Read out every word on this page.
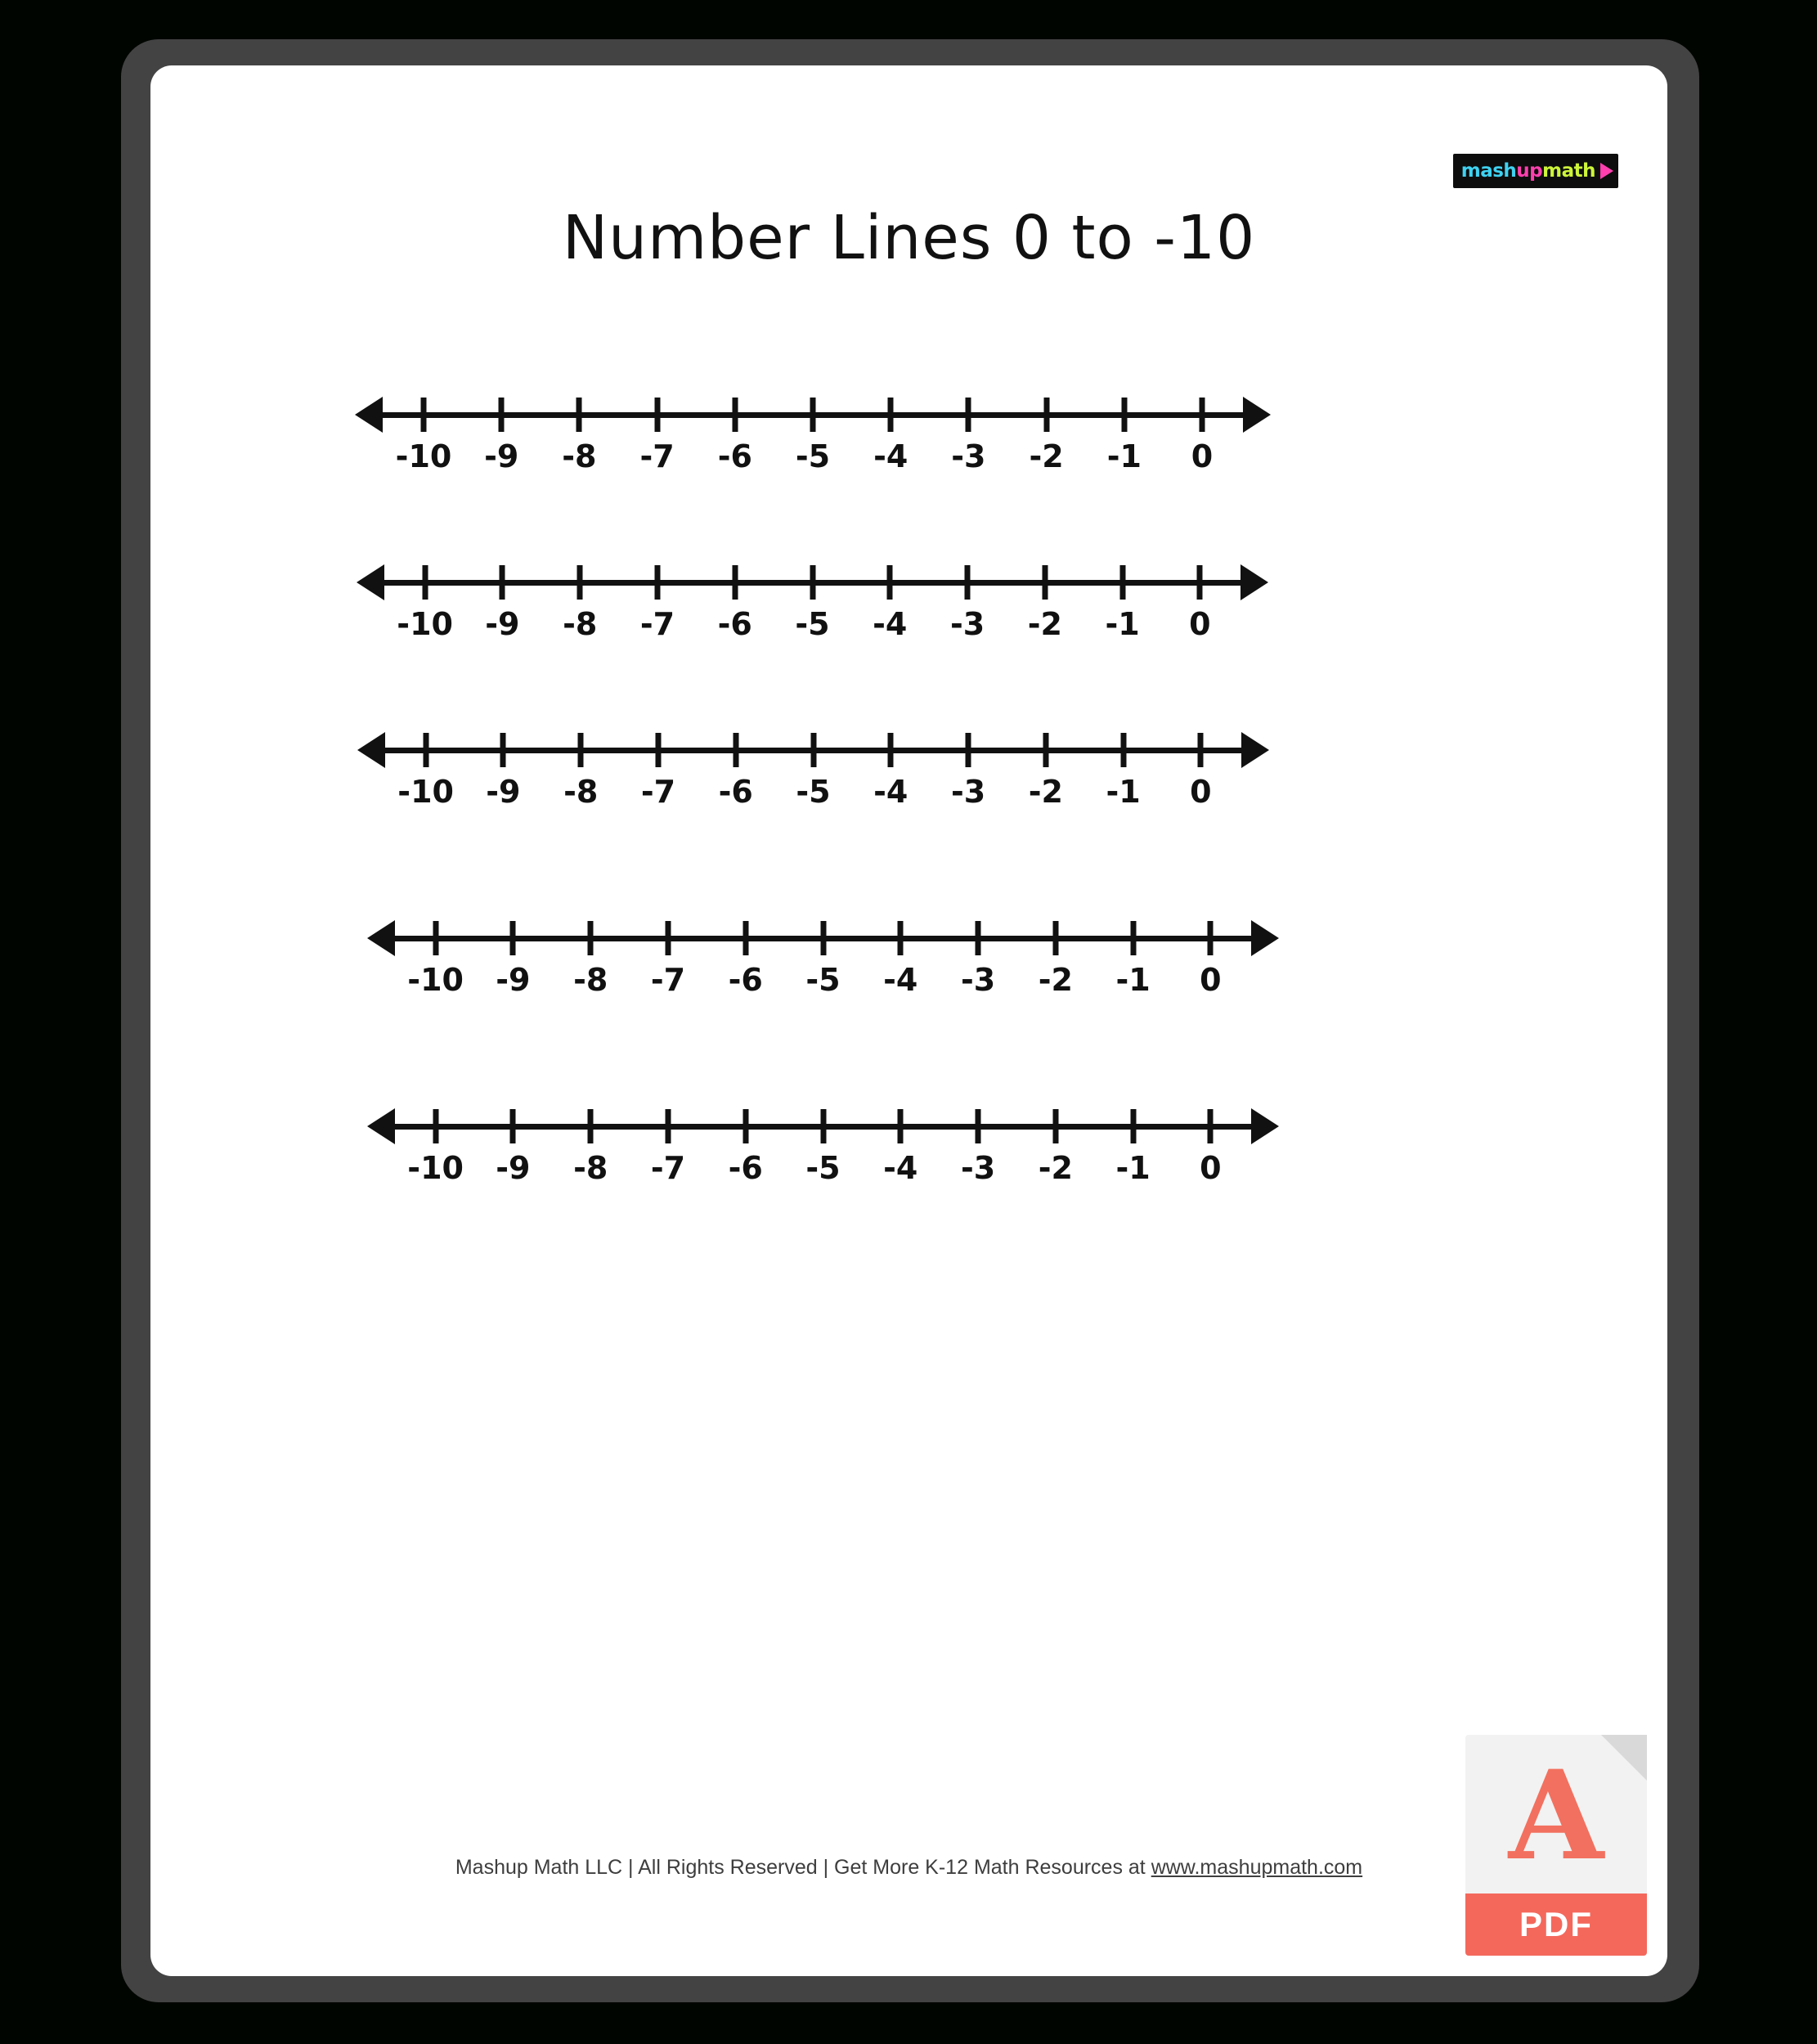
mash up math
Number Lines 0 to -10
-10 -9 -8 -7 -6 -5 -4 -3 -2 -1 0
-10 -9 -8 -7 -6 -5 -4 -3 -2 -1 0
-10 -9 -8 -7 -6 -5 -4 -3 -2 -1 0
-10 -9 -8 -7 -6 -5 -4 -3 -2 -1 0
-10 -9 -8 -7 -6 -5 -4 -3 -2 -1 0
Mashup Math LLC | All Rights Reserved | Get More K-12 Math Resources at www.mashupmath.com	A
PDF
